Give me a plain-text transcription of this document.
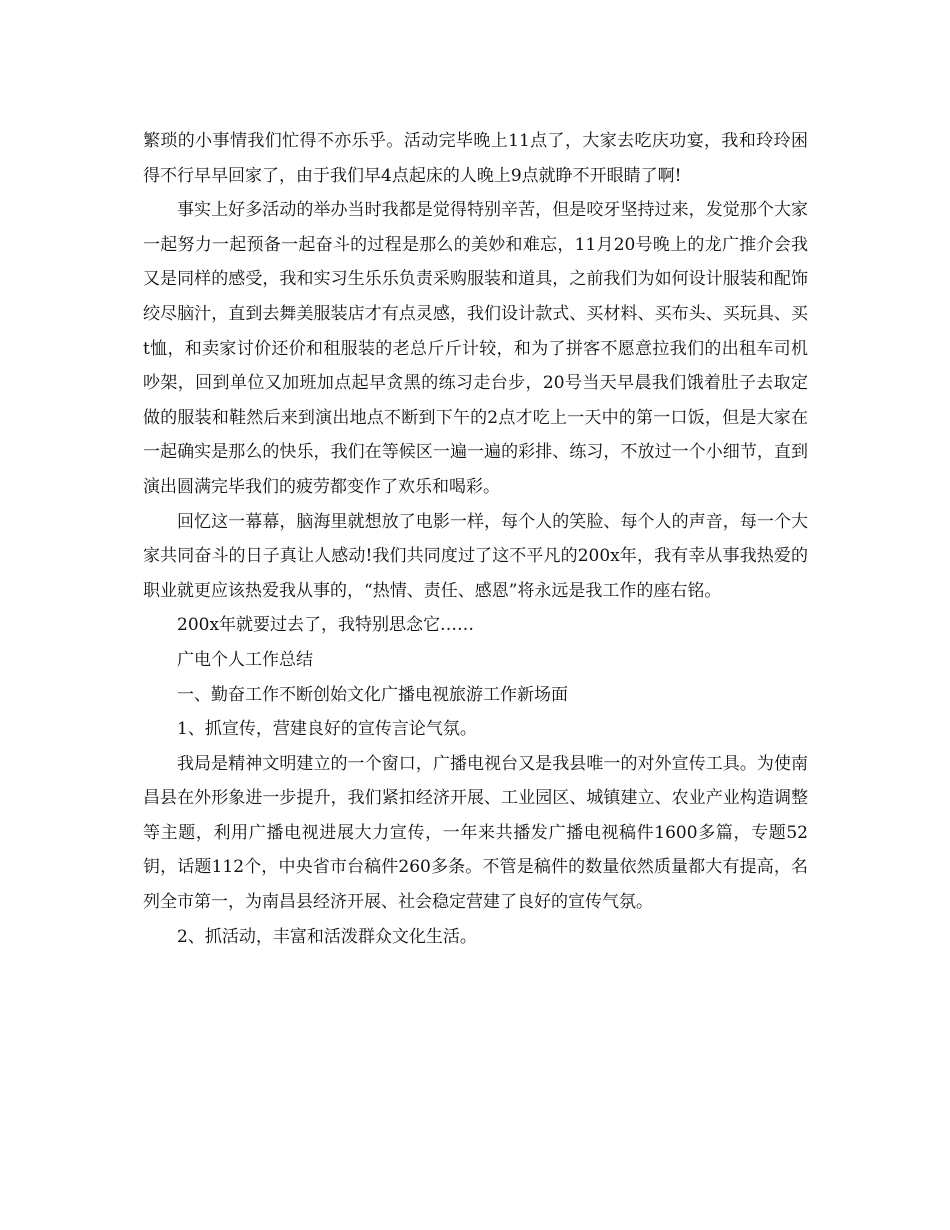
繁琐的小事情我们忙得不亦乐乎。活动完毕晚上11点了，大家去吃庆功宴，我和玲玲困得不行早早回家了，由于我们早4点起床的人晚上9点就睁不开眼睛了啊!

事实上好多活动的举办当时我都是觉得特别辛苦，但是咬牙坚持过来，发觉那个大家一起努力一起预备一起奋斗的过程是那么的美妙和难忘，11月20号晚上的龙广推介会我又是同样的感受，我和实习生乐乐负责采购服装和道具，之前我们为如何设计服装和配饰绞尽脑汁，直到去舞美服装店才有点灵感，我们设计款式、买材料、买布头、买玩具、买t恤，和卖家讨价还价和租服装的老总斤斤计较，和为了拼客不愿意拉我们的出租车司机吵架，回到单位又加班加点起早贪黑的练习走台步，20号当天早晨我们饿着肚子去取定做的服装和鞋然后来到演出地点不断到下午的2点才吃上一天中的第一口饭，但是大家在一起确实是那么的快乐，我们在等候区一遍一遍的彩排、练习，不放过一个小细节，直到演出圆满完毕我们的疲劳都变作了欢乐和喝彩。

回忆这一幕幕，脑海里就想放了电影一样，每个人的笑脸、每个人的声音，每一个大家共同奋斗的日子真让人感动!我们共同度过了这不平凡的200x年，我有幸从事我热爱的职业就更应该热爱我从事的，“热情、责任、感恩”将永远是我工作的座右铭。

200x年就要过去了，我特别思念它……

广电个人工作总结

一、勤奋工作不断创始文化广播电视旅游工作新场面

1、抓宣传，营建良好的宣传言论气氛。

我局是精神文明建立的一个窗口，广播电视台又是我县唯一的对外宣传工具。为使南昌县在外形象进一步提升，我们紧扣经济开展、工业园区、城镇建立、农业产业构造调整等主题，利用广播电视进展大力宣传，一年来共播发广播电视稿件1600多篇，专题52钥，话题112个，中央省市台稿件260多条。不管是稿件的数量依然质量都大有提高，名列全市第一，为南昌县经济开展、社会稳定营建了良好的宣传气氛。

2、抓活动，丰富和活泼群众文化生活。
